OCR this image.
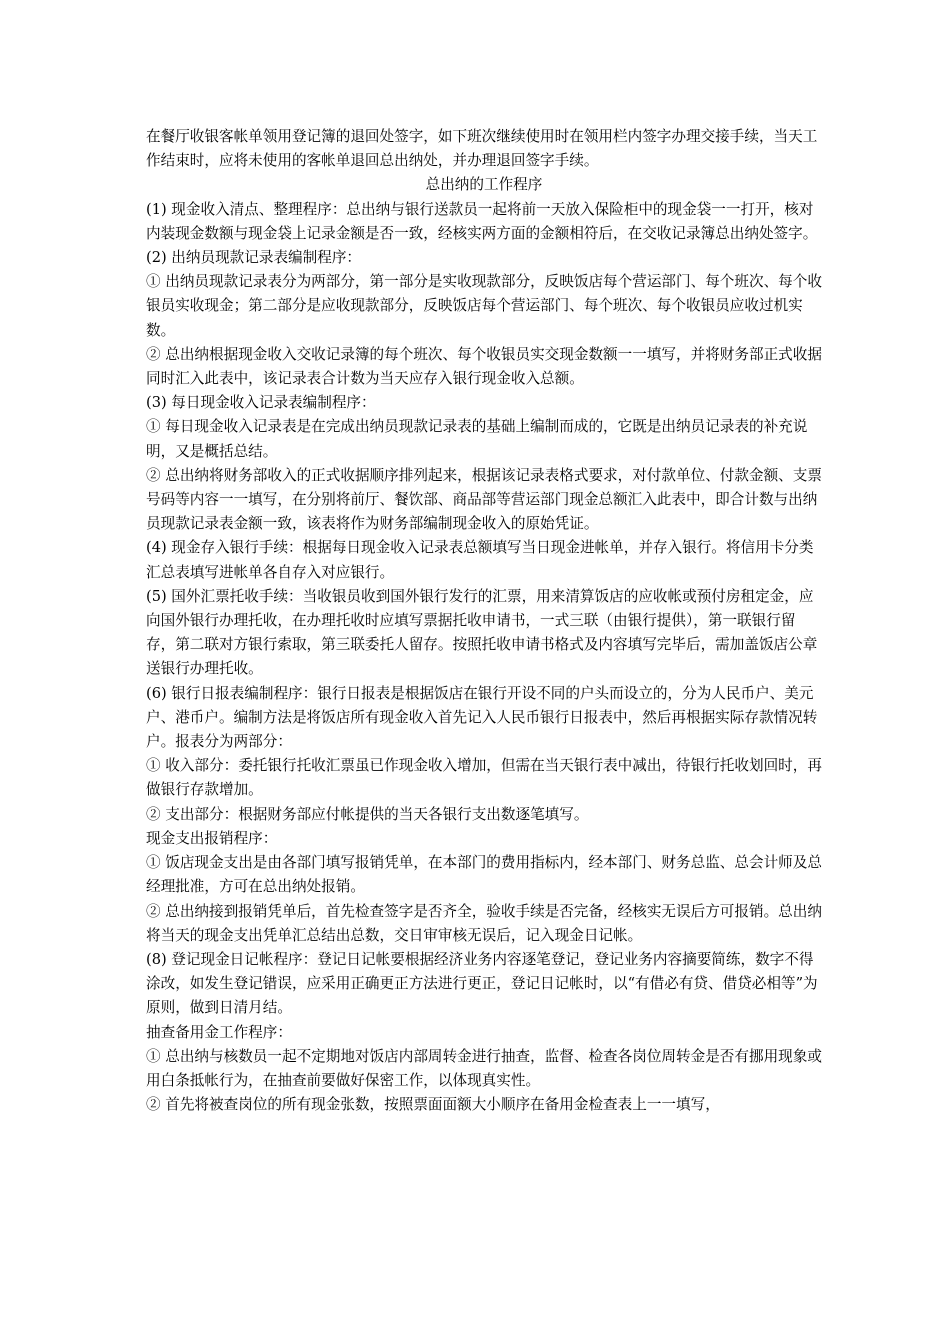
在餐厅收银客帐单领用登记簿的退回处签字，如下班次继续使用时在领用栏内签字办理交接手续，当天工作结束时，应将未使用的客帐单退回总出纳处，并办理退回签字手续。

总出纳的工作程序

(1) 现金收入清点、整理程序：总出纳与银行送款员一起将前一天放入保险柜中的现金袋一一打开，核对内装现金数额与现金袋上记录金额是否一致，经核实两方面的金额相符后，在交收记录簿总出纳处签字。

(2) 出纳员现款记录表编制程序：

① 出纳员现款记录表分为两部分，第一部分是实收现款部分，反映饭店每个营运部门、每个班次、每个收银员实收现金；第二部分是应收现款部分，反映饭店每个营运部门、每个班次、每个收银员应收过机实数。

② 总出纳根据现金收入交收记录簿的每个班次、每个收银员实交现金数额一一填写，并将财务部正式收据同时汇入此表中，该记录表合计数为当天应存入银行现金收入总额。

(3) 每日现金收入记录表编制程序：

① 每日现金收入记录表是在完成出纳员现款记录表的基础上编制而成的，它既是出纳员记录表的补充说明，又是概括总结。

② 总出纳将财务部收入的正式收据顺序排列起来，根据该记录表格式要求，对付款单位、付款金额、支票号码等内容一一填写，在分别将前厅、餐饮部、商品部等营运部门现金总额汇入此表中，即合计数与出纳员现款记录表金额一致，该表将作为财务部编制现金收入的原始凭证。

(4) 现金存入银行手续：根据每日现金收入记录表总额填写当日现金进帐单，并存入银行。将信用卡分类汇总表填写进帐单各自存入对应银行。

(5) 国外汇票托收手续：当收银员收到国外银行发行的汇票，用来清算饭店的应收帐或预付房租定金，应向国外银行办理托收，在办理托收时应填写票据托收申请书，一式三联（由银行提供），第一联银行留存，第二联对方银行索取，第三联委托人留存。按照托收申请书格式及内容填写完毕后，需加盖饭店公章送银行办理托收。

(6) 银行日报表编制程序：银行日报表是根据饭店在银行开设不同的户头而设立的，分为人民币户、美元户、港币户。编制方法是将饭店所有现金收入首先记入人民币银行日报表中，然后再根据实际存款情况转户。报表分为两部分：

① 收入部分：委托银行托收汇票虽已作现金收入增加，但需在当天银行表中减出，待银行托收划回时，再做银行存款增加。

② 支出部分：根据财务部应付帐提供的当天各银行支出数逐笔填写。

现金支出报销程序：

① 饭店现金支出是由各部门填写报销凭单，在本部门的费用指标内，经本部门、财务总监、总会计师及总经理批准，方可在总出纳处报销。

② 总出纳接到报销凭单后，首先检查签字是否齐全，验收手续是否完备，经核实无误后方可报销。总出纳将当天的现金支出凭单汇总结出总数，交日审审核无误后，记入现金日记帐。

(8) 登记现金日记帐程序：登记日记帐要根据经济业务内容逐笔登记，登记业务内容摘要简练，数字不得涂改，如发生登记错误，应采用正确更正方法进行更正，登记日记帐时，以“有借必有贷、借贷必相等”为原则，做到日清月结。

抽查备用金工作程序：

① 总出纳与核数员一起不定期地对饭店内部周转金进行抽查，监督、检查各岗位周转金是否有挪用现象或用白条抵帐行为，在抽查前要做好保密工作，以体现真实性。

② 首先将被查岗位的所有现金张数，按照票面面额大小顺序在备用金检查表上一一填写，
